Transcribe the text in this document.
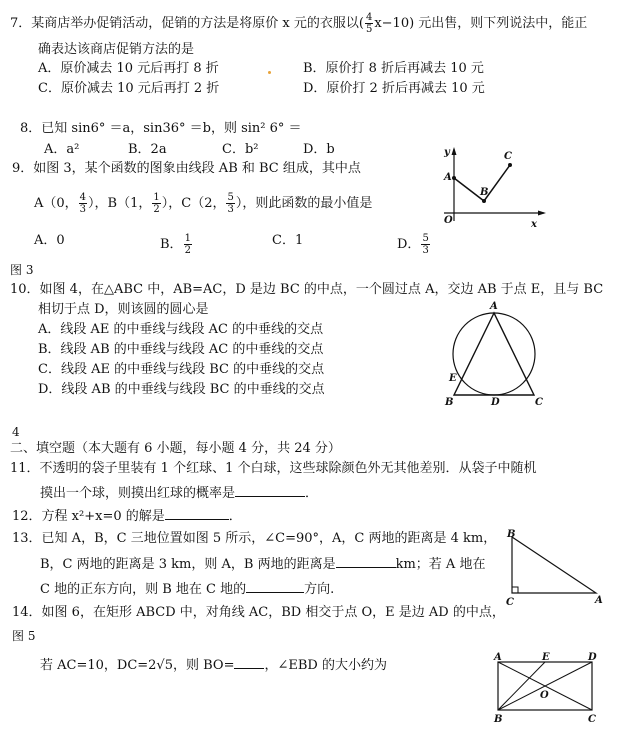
7．某商店举办促销活动，促销的方法是将原价 x 元的衣服以( $\frac{4}{5} x-10$) 元出售，则下列说法中，能正
确表达该商店促销方法的是
A．原价减去 10 元后再打 8 折	B．原价打 8 折后再减去 10 元
C．原价减去 10 元后再打 2 折	D．原价打 2 折后再减去 10 元
8．已知 sin6° ＝a，sin36° ＝b，则 sin² 6° ＝
A．a²	B．2a	C．b²	D．b
9．如图 3，某个函数的图象由线段 AB 和 BC 组成，其中点
A（0， $\frac{4}{3}$ ），B（1， $\frac{1}{2}$ ），C（2， $\frac{5}{3}$ ），则此函数的最小值是
A．0	B． $\frac{1}{2}$	C．1	D． $\frac{5}{3}$
图 3
y
x
O
A
B
C
10．如图 4，在△ABC 中，AB=AC，D 是边 BC 的中点，一个圆过点 A，交边 AB 于点 E，且与 BC
相切于点 D，则该圆的圆心是
A．线段 AE 的中垂线与线段 AC 的中垂线的交点
B．线段 AB 的中垂线与线段 AC 的中垂线的交点
C．线段 AE 的中垂线与线段 BC 的中垂线的交点
D．线段 AB 的中垂线与线段 BC 的中垂线的交点
A
B	C
D
E
4
二、填空题（本大题有 6 小题，每小题 4 分，共 24 分）
11．不透明的袋子里装有 1 个红球、1 个白球，这些球除颜色外无其他差别．从袋子中随机
摸出一个球，则摸出红球的概率是	．
12．方程 x²+x=0 的解是	．
13．已知 A，B，C 三地位置如图 5 所示，∠C=90°，A，C 两地的距离是 4 km，
B，C 两地的距离是 3 km，则 A，B 两地的距离是	km；若 A 地在
C 地的正东方向，则 B 地在 C 地的	方向.
B
C	A
14．如图 6，在矩形 ABCD 中，对角线 AC，BD 相交于点 O，E 是边 AD 的中点，
图 5
若 AC=10，DC=2√5，则 BO= ，∠EBD 的大小约为
A	E	D
O
B	C
